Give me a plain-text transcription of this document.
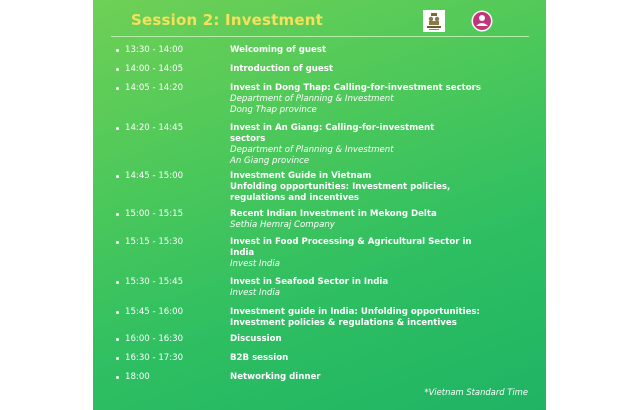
Session 2: Investment
13:30 - 14:00	Welcoming of guest
14:00 - 14:05	Introduction of guest
14:05 - 14:20	Invest in Dong Thap: Calling-for-investment sectors
Department of Planning & Investment
Dong Thap province
14:20 - 14:45	Invest in An Giang: Calling-for-investment
sectors
Department of Planning & Investment
An Giang province
14:45 - 15:00	Investment Guide in Vietnam
Unfolding opportunities: Investment policies,
regulations and incentives
15:00 - 15:15	Recent Indian Investment in Mekong Delta
Sethia Hemraj Company
15:15 - 15:30	Invest in Food Processing & Agricultural Sector in
India
Invest India
15:30 - 15:45	Invest in Seafood Sector in India
Invest India
15:45 - 16:00	Investment guide in India: Unfolding opportunities:
Investment policies & regulations & incentives
16:00 - 16:30	Discussion
16:30 - 17:30	B2B session
18:00	Networking dinner
*Vietnam Standard Time
